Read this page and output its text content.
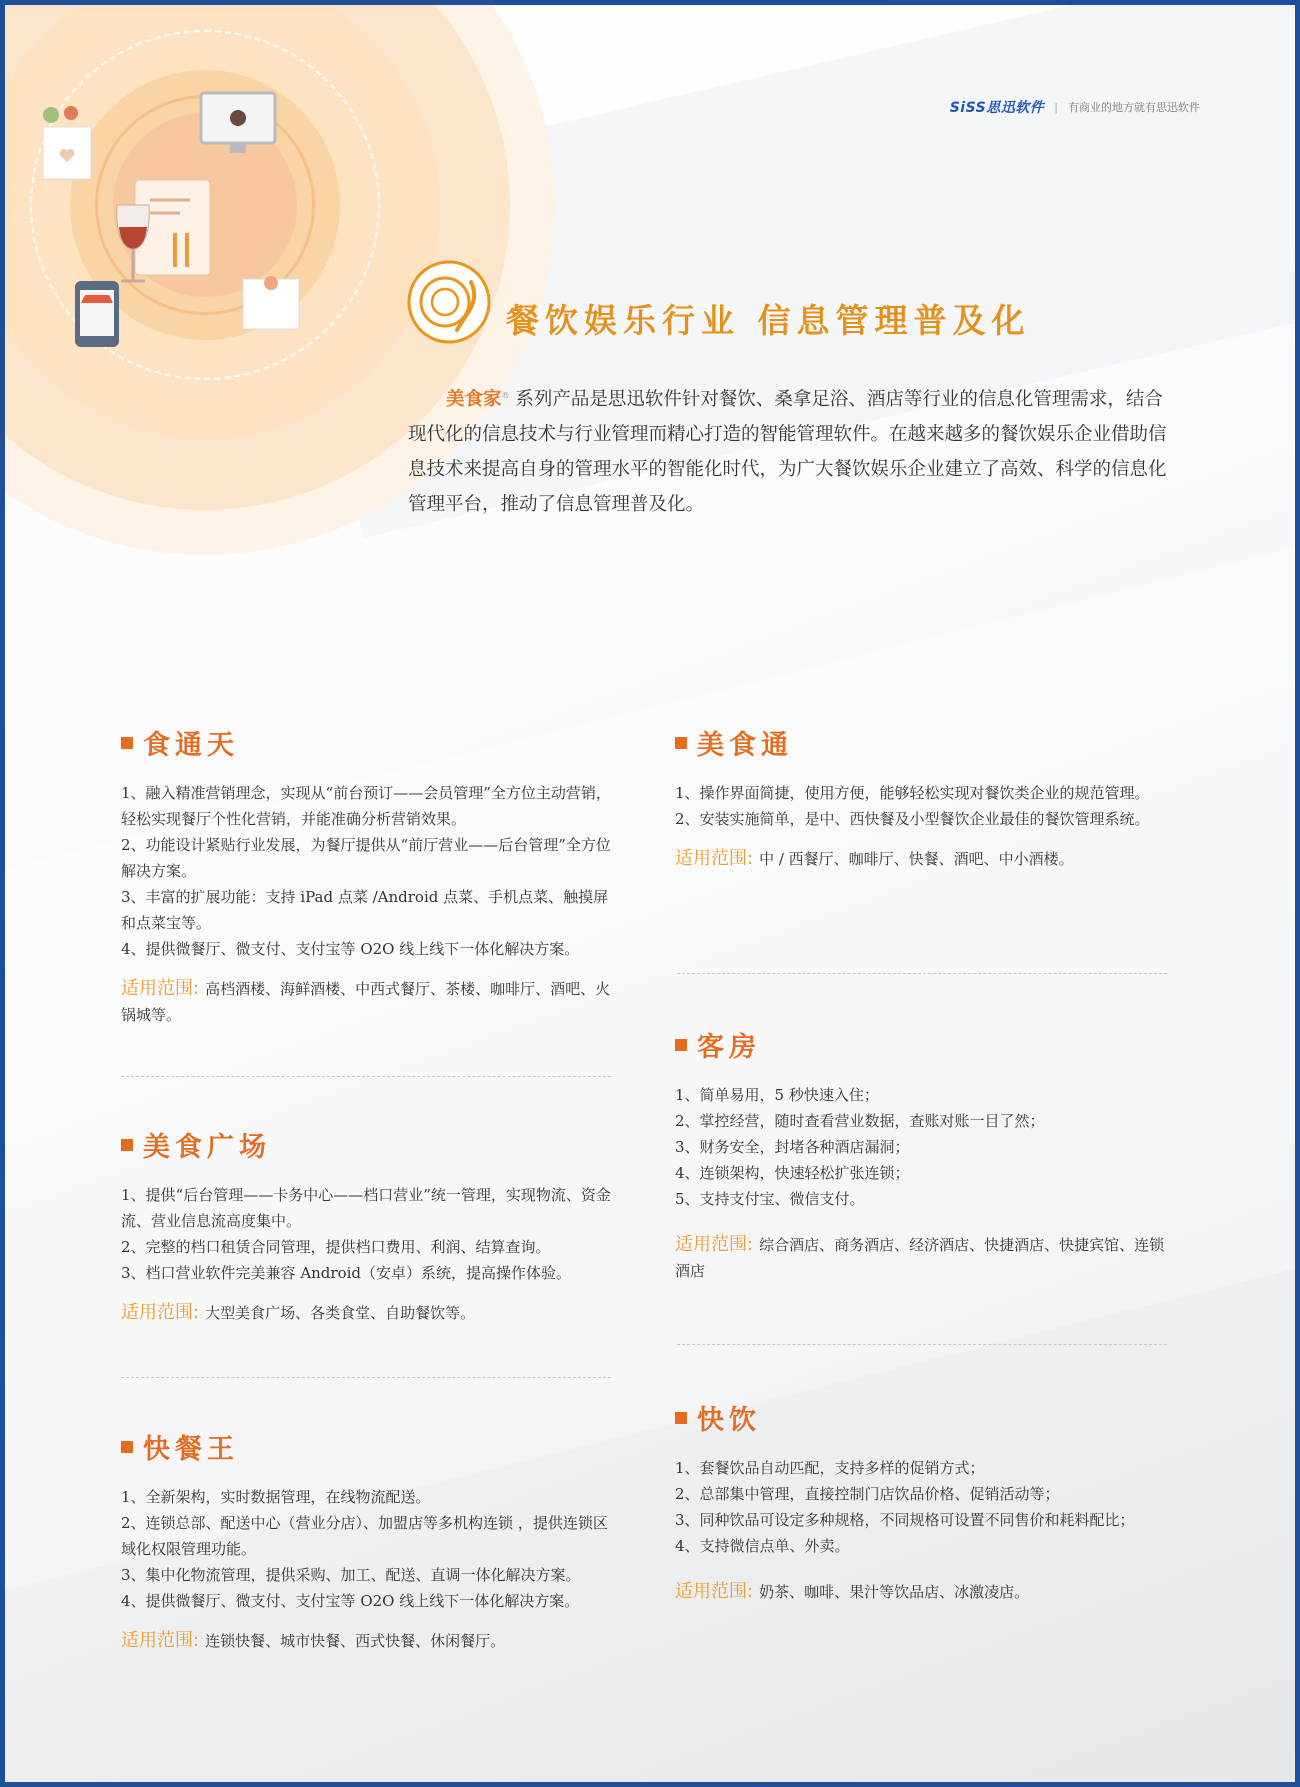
SiSS思迅软件 | 有商业的地方就有思迅软件
餐饮娱乐行业 信息管理普及化
美食家® 系列产品是思迅软件针对餐饮、桑拿足浴、酒店等行业的信息化管理需求，结合现代化的信息技术与行业管理而精心打造的智能管理软件。在越来越多的餐饮娱乐企业借助信息技术来提高自身的管理水平的智能化时代，为广大餐饮娱乐企业建立了高效、科学的信息化管理平台，推动了信息管理普及化。
食通天
1、融入精准营销理念，实现从“前台预订——会员管理”全方位主动营销，轻松实现餐厅个性化营销，并能准确分析营销效果。
2、功能设计紧贴行业发展，为餐厅提供从“前厅营业——后台管理”全方位解决方案。
3、丰富的扩展功能：支持 iPad 点菜 /Android 点菜、手机点菜、触摸屏和点菜宝等。
4、提供微餐厅、微支付、支付宝等 O2O 线上线下一体化解决方案。
适用范围: 高档酒楼、海鲜酒楼、中西式餐厅、茶楼、咖啡厅、酒吧、火锅城等。
美食广场
1、提供“后台管理——卡务中心——档口营业”统一管理，实现物流、资金流、营业信息流高度集中。
2、完整的档口租赁合同管理，提供档口费用、利润、结算查询。
3、档口营业软件完美兼容 Android（安卓）系统，提高操作体验。
适用范围: 大型美食广场、各类食堂、自助餐饮等。
快餐王
1、全新架构，实时数据管理，在线物流配送。
2、连锁总部、配送中心（营业分店）、加盟店等多机构连锁 ，提供连锁区域化权限管理功能。
3、集中化物流管理，提供采购、加工、配送、直调一体化解决方案。
4、提供微餐厅、微支付、支付宝等 O2O 线上线下一体化解决方案。
适用范围: 连锁快餐、城市快餐、西式快餐、休闲餐厅。
美食通
1、操作界面简捷，使用方便，能够轻松实现对餐饮类企业的规范管理。
2、安装实施简单，是中、西快餐及小型餐饮企业最佳的餐饮管理系统。
适用范围: 中 / 西餐厅、咖啡厅、快餐、酒吧、中小酒楼。
客房
1、简单易用，5 秒快速入住；
2、掌控经营，随时查看营业数据，查账对账一目了然；
3、财务安全，封堵各种酒店漏洞；
4、连锁架构，快速轻松扩张连锁；
5、支持支付宝、微信支付。
适用范围: 综合酒店、商务酒店、经济酒店、快捷酒店、快捷宾馆、连锁酒店
快饮
1、套餐饮品自动匹配，支持多样的促销方式；
2、总部集中管理，直接控制门店饮品价格、促销活动等；
3、同种饮品可设定多种规格，不同规格可设置不同售价和耗料配比；
4、支持微信点单、外卖。
适用范围: 奶茶、咖啡、果汁等饮品店、冰激凌店。
